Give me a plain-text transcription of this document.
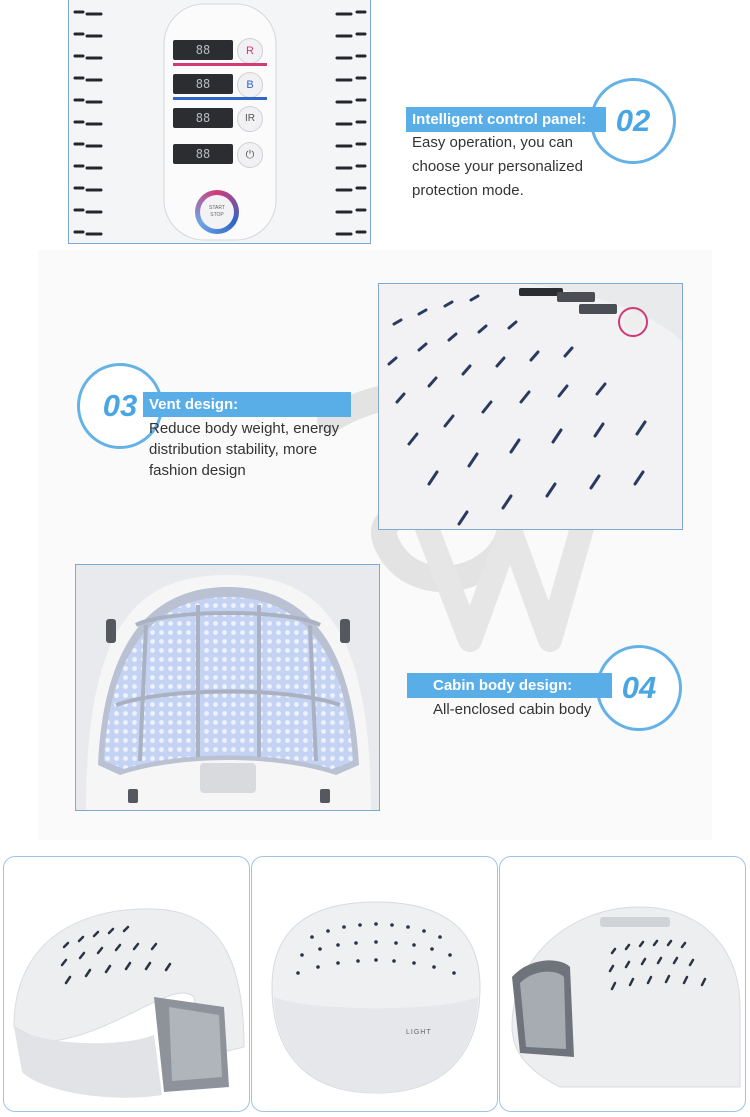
88	R
88	B
88	IR
88	⏻
START
STOP
02
Intelligent control panel:
Easy operation, you can
choose your personalized
protection mode.
03 Vent design:
Reduce body weight, energy
distribution stability, more
fashion design
04
Cabin body design:
All-enclosed cabin body
LIGHT
